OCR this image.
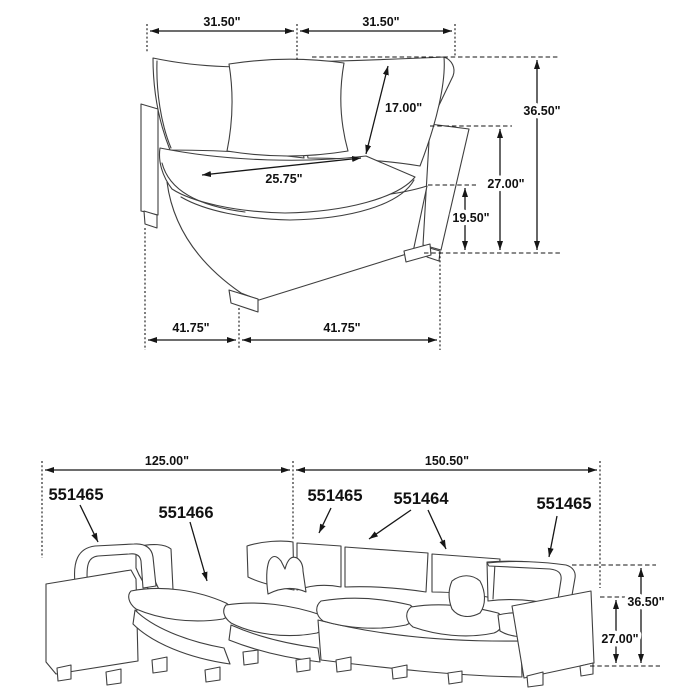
31.50"	31.50"
17.00"	36.50"
27.00"
19.50"
25.75"
41.75"	41.75"
125.00"	150.50"
36.50"
27.00"
551465
551466
551465 551464	551465
